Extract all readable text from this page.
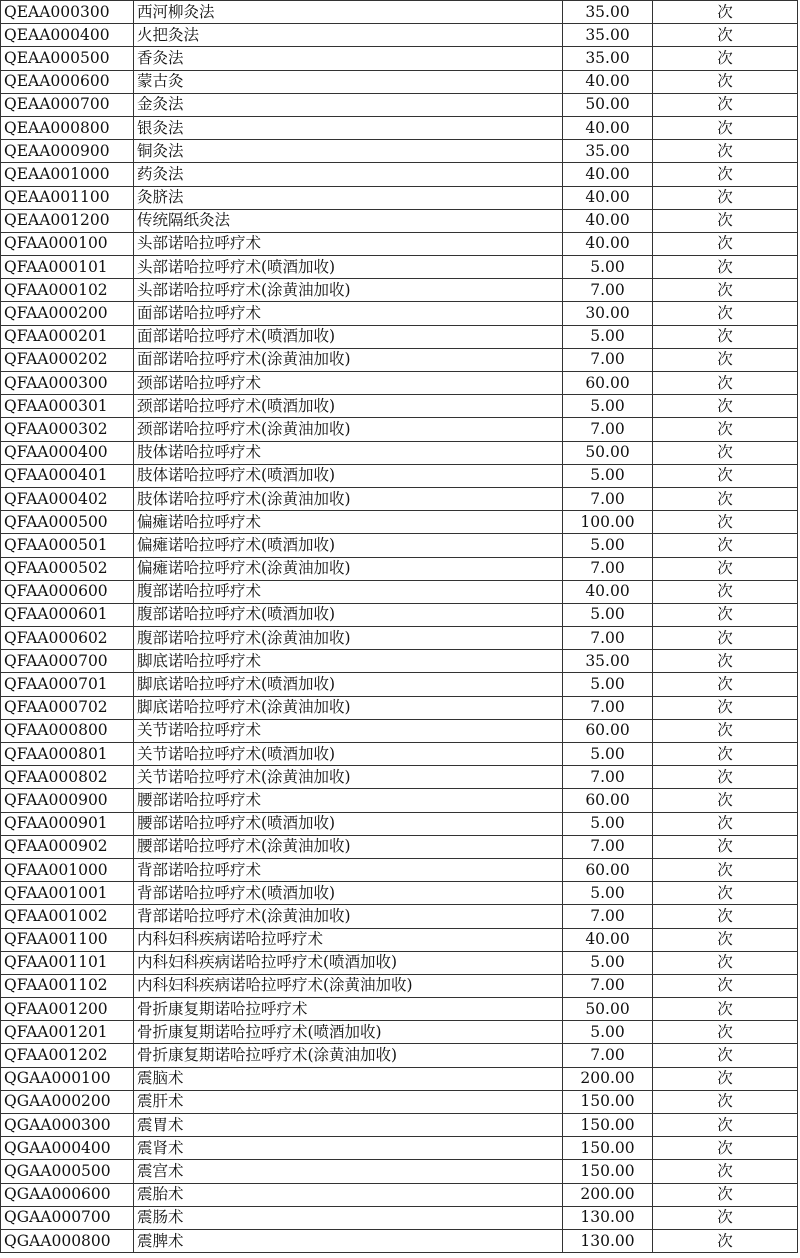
QEAA000300	西河柳灸法	35.00	次
QEAA000400	火把灸法	35.00	次
QEAA000500	香灸法	35.00	次
QEAA000600	蒙古灸	40.00	次
QEAA000700	金灸法	50.00	次
QEAA000800	银灸法	40.00	次
QEAA000900	铜灸法	35.00	次
QEAA001000	药灸法	40.00	次
QEAA001100	灸脐法	40.00	次
QEAA001200	传统隔纸灸法	40.00	次
QFAA000100	头部诺哈拉呼疗术	40.00	次
QFAA000101	头部诺哈拉呼疗术(喷酒加收)	5.00	次
QFAA000102	头部诺哈拉呼疗术(涂黄油加收)	7.00	次
QFAA000200	面部诺哈拉呼疗术	30.00	次
QFAA000201	面部诺哈拉呼疗术(喷酒加收)	5.00	次
QFAA000202	面部诺哈拉呼疗术(涂黄油加收)	7.00	次
QFAA000300	颈部诺哈拉呼疗术	60.00	次
QFAA000301	颈部诺哈拉呼疗术(喷酒加收)	5.00	次
QFAA000302	颈部诺哈拉呼疗术(涂黄油加收)	7.00	次
QFAA000400	肢体诺哈拉呼疗术	50.00	次
QFAA000401	肢体诺哈拉呼疗术(喷酒加收)	5.00	次
QFAA000402	肢体诺哈拉呼疗术(涂黄油加收)	7.00	次
QFAA000500	偏瘫诺哈拉呼疗术	100.00	次
QFAA000501	偏瘫诺哈拉呼疗术(喷酒加收)	5.00	次
QFAA000502	偏瘫诺哈拉呼疗术(涂黄油加收)	7.00	次
QFAA000600	腹部诺哈拉呼疗术	40.00	次
QFAA000601	腹部诺哈拉呼疗术(喷酒加收)	5.00	次
QFAA000602	腹部诺哈拉呼疗术(涂黄油加收)	7.00	次
QFAA000700	脚底诺哈拉呼疗术	35.00	次
QFAA000701	脚底诺哈拉呼疗术(喷酒加收)	5.00	次
QFAA000702	脚底诺哈拉呼疗术(涂黄油加收)	7.00	次
QFAA000800	关节诺哈拉呼疗术	60.00	次
QFAA000801	关节诺哈拉呼疗术(喷酒加收)	5.00	次
QFAA000802	关节诺哈拉呼疗术(涂黄油加收)	7.00	次
QFAA000900	腰部诺哈拉呼疗术	60.00	次
QFAA000901	腰部诺哈拉呼疗术(喷酒加收)	5.00	次
QFAA000902	腰部诺哈拉呼疗术(涂黄油加收)	7.00	次
QFAA001000	背部诺哈拉呼疗术	60.00	次
QFAA001001	背部诺哈拉呼疗术(喷酒加收)	5.00	次
QFAA001002	背部诺哈拉呼疗术(涂黄油加收)	7.00	次
QFAA001100	内科妇科疾病诺哈拉呼疗术	40.00	次
QFAA001101	内科妇科疾病诺哈拉呼疗术(喷酒加收)	5.00	次
QFAA001102	内科妇科疾病诺哈拉呼疗术(涂黄油加收)	7.00	次
QFAA001200	骨折康复期诺哈拉呼疗术	50.00	次
QFAA001201	骨折康复期诺哈拉呼疗术(喷酒加收)	5.00	次
QFAA001202	骨折康复期诺哈拉呼疗术(涂黄油加收)	7.00	次
QGAA000100	震脑术	200.00	次
QGAA000200	震肝术	150.00	次
QGAA000300	震胃术	150.00	次
QGAA000400	震肾术	150.00	次
QGAA000500	震宫术	150.00	次
QGAA000600	震胎术	200.00	次
QGAA000700	震肠术	130.00	次
QGAA000800	震脾术	130.00	次
